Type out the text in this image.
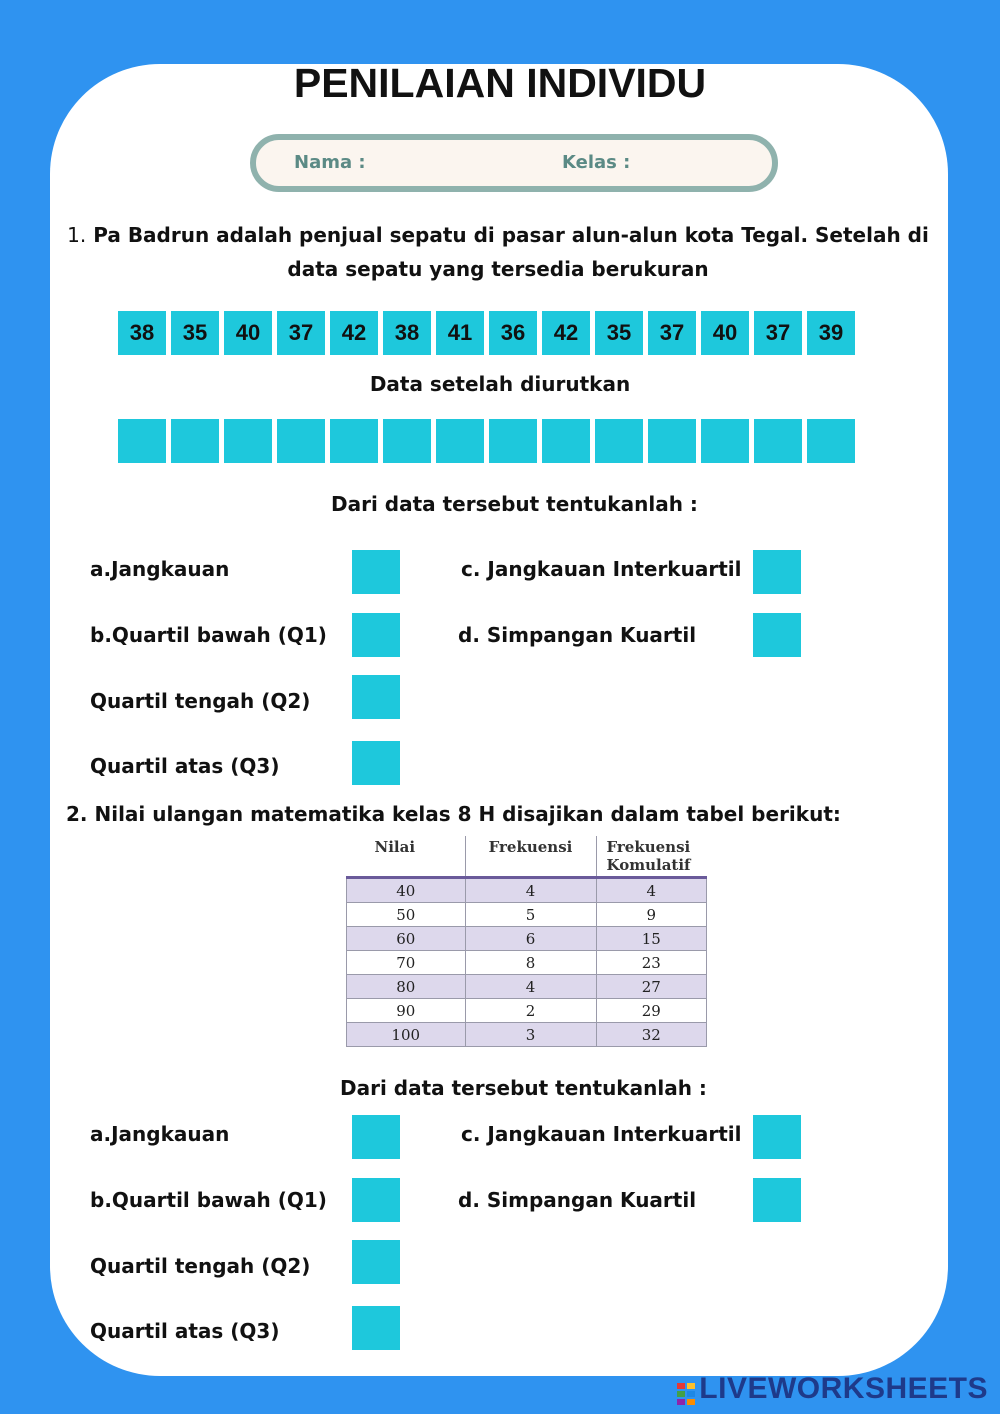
PENILAIAN INDIVIDU
Nama :	Kelas :
1. Pa Badrun adalah penjual sepatu di pasar alun-alun kota Tegal. Setelah di
data sepatu yang tersedia berukuran
38	35	40	37	42	38	41	36	42	35	37	40	37	39
Data setelah diurutkan
Dari data tersebut tentukanlah :
a.Jangkauan
b.Quartil bawah (Q1)
Quartil tengah (Q2)
Quartil atas (Q3)
c. Jangkauan Interkuartil
d. Simpangan Kuartil
2. Nilai ulangan matematika kelas 8 H disajikan dalam tabel berikut:
Nilai	Frekuensi	Frekuensi
Komulatif
40	4	4
50	5	9
60	6	15
70	8	23
80	4	27
90	2	29
100	3	32
Dari data tersebut tentukanlah :
a.Jangkauan
b.Quartil bawah (Q1)
Quartil tengah (Q2)
Quartil atas (Q3)
c. Jangkauan Interkuartil
d. Simpangan Kuartil
LIVEWORKSHEETS
